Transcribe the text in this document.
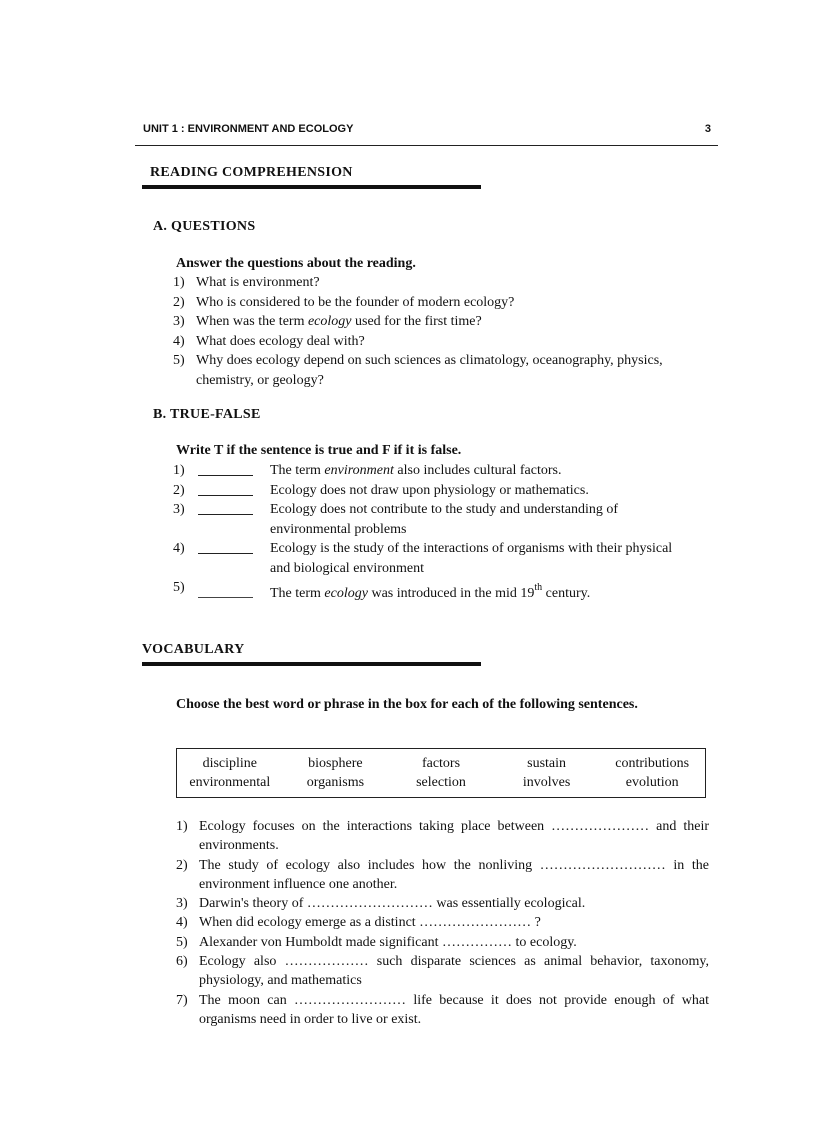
UNIT 1 : ENVIRONMENT AND ECOLOGY	3
READING COMPREHENSION
A. QUESTIONS
Answer the questions about the reading.
1) What is environment?
2) Who is considered to be the founder of modern ecology?
3) When was the term ecology used for the first time?
4) What does ecology deal with?
5) Why does ecology depend on such sciences as climatology, oceanography, physics, chemistry, or geology?
B. TRUE-FALSE
Write T if the sentence is true and F if it is false.
1)	The term environment also includes cultural factors.
2)	Ecology does not draw upon physiology or mathematics.
3)	Ecology does not contribute to the study and understanding of environmental problems
4)	Ecology is the study of the interactions of organisms with their physical and biological environment
5)	The term ecology was introduced in the mid 19th century.
VOCABULARY
Choose the best word or phrase in the box for each of the following sentences.
discipline	biosphere	factors	sustain	contributions
environmental	organisms	selection	involves	evolution
1) Ecology focuses on the interactions taking place between ………………… and their environments.
2) The study of ecology also includes how the nonliving ……………………… in the environment influence one another.
3) Darwin's theory of ……………………… was essentially ecological.
4) When did ecology emerge as a distinct …………………… ?
5) Alexander von Humboldt made significant …………… to ecology.
6) Ecology also ……………… such disparate sciences as animal behavior, taxonomy, physiology, and mathematics
7) The moon can …………………… life because it does not provide enough of what organisms need in order to live or exist.
